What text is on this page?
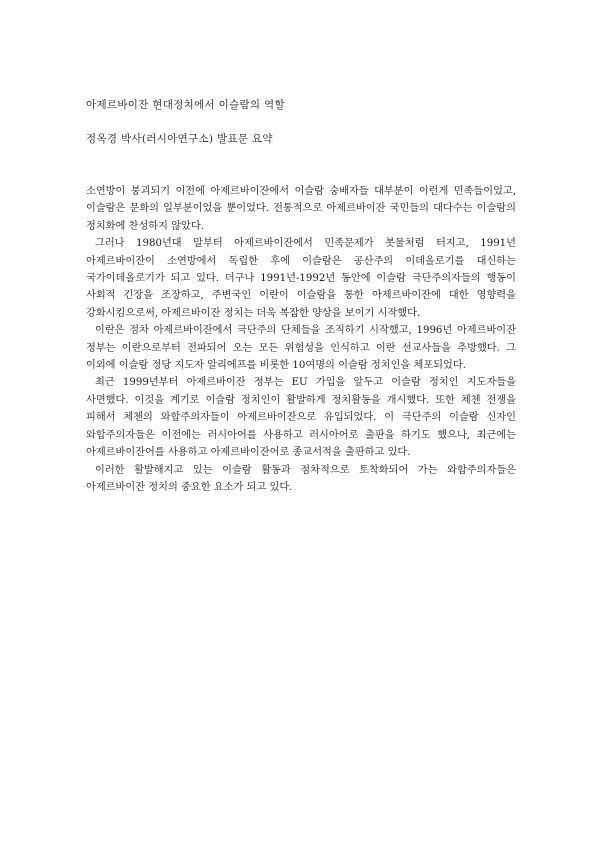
아제르바이잔 현대정치에서 이슬람의 역할
정옥경 박사(러시아연구소) 발표문 요약

소연방이 붕괴되기 이전에 아제르바이잔에서 이슬람 숭배자들 대부분이 이런게 민족들이었고, 이슬람은 문화의 일부분이었을 뿐이었다. 전통적으로 아제르바이잔 국민들의 대다수는 이슬람의 정치화에 찬성하지 않았다.

그러나 1980년대 말부터 아제르바이잔에서 민족문제가 봇물처럼 터지고, 1991년 아제르바이잔이 소연방에서 독립한 후에 이슬람은 공산주의 이데올로기를 대신하는 국가이데올로기가 되고 있다. 더구나 1991년-1992년 동안에 이슬람 극단주의자들의 행동이 사회적 긴장을 조장하고, 주변국인 이란이 이슬람을 통한 아제르바이잔에 대한 영향력을 강화시킴으로써, 아제르바이잔 정치는 더욱 복잡한 양상을 보이기 시작했다.

이란은 점차 아제르바이잔에서 극단주의 단체들을 조직하기 시작했고, 1996년 아제르바이잔 정부는 이란으로부터 전파되어 오는 모든 위험성을 인식하고 이란 선교사들을 추방했다. 그 이외에 이슬람 정당 지도자 알리에프를 비롯한 10여명의 이슬람 정치인을 체포되었다.

최근 1999년부터 아제르바이잔 정부는 EU 가입을 앞두고 이슬람 정치인 지도자들을 사면했다. 이것을 계기로 이슬람 정치인이 활발하게 정치활동을 개시했다. 또한 체첸 전쟁을 피해서 체첸의 와합주의자들이 아제르바이잔으로 유입되었다. 이 극단주의 이슬람 신자인 와합주의자들은 이전에는 러시아어를 사용하고 러시아어로 출판을 하기도 했으나, 최근에는 아제르바이잔어를 사용하고 아제르바이잔어로 종교서적을 출판하고 있다.

이러한 활발해지고 있는 이슬람 활동과 점차적으로 토착화되어 가는 와합주의자들은 아제르바이잔 정치의 중요한 요소가 되고 있다.
